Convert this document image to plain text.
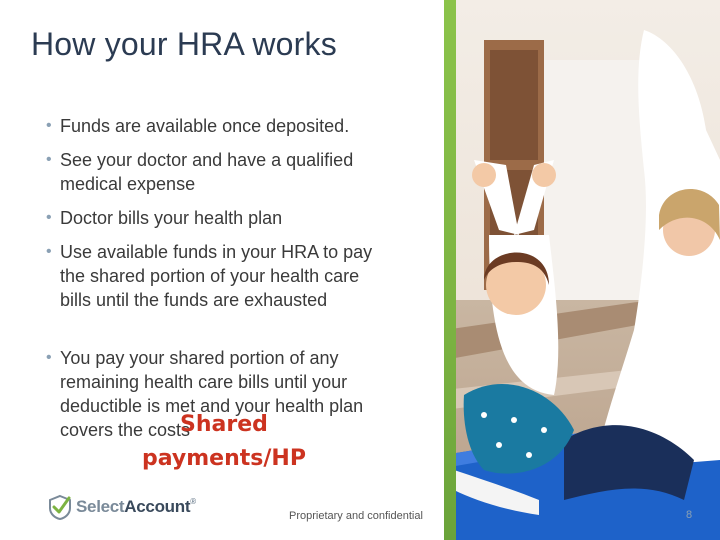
How your HRA works
• Funds are available once deposited.
• See your doctor and have a qualified medical expense
• Doctor bills your health plan
• Use available funds in your HRA to pay the shared portion of your health care bills until the funds are exhausted
• You pay your shared portion of any remaining health care bills until your deductible is met and your health plan covers the costs
Shared
payments/HP
SelectAccount®
Proprietary and confidential	8
